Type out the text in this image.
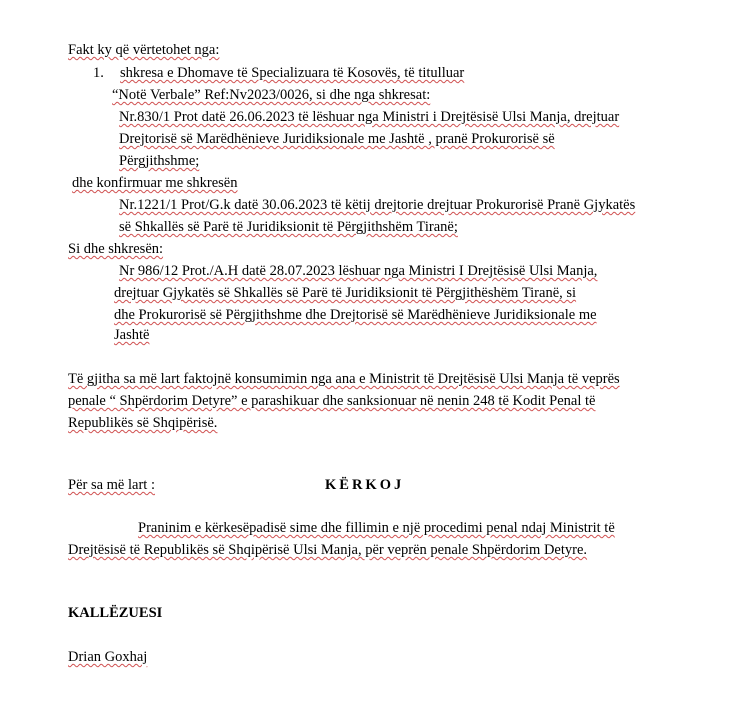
Fakt ky që vërtetohet nga:
1. shkresa e Dhomave të Specializuara të Kosovës, të titulluar
“Notë Verbale” Ref:Nv2023/0026, si dhe nga shkresat:
Nr.830/1 Prot datë 26.06.2023 të lëshuar nga Ministri i Drejtësisë Ulsi Manja, drejtuar
Drejtorisë së Marëdhënieve Juridiksionale me Jashtë , pranë Prokurorisë së
Përgjithshme;
dhe konfirmuar me shkresën
Nr.1221/1 Prot/G.k datë 30.06.2023 të këtij drejtorie drejtuar Prokurorisë Pranë Gjykatës
së Shkallës së Parë të Juridiksionit të Përgjithshëm Tiranë;
Si dhe shkresën:
Nr 986/12 Prot./A.H datë 28.07.2023 lëshuar nga Ministri I Drejtësisë Ulsi Manja,
drejtuar Gjykatës së Shkallës së Parë të Juridiksionit të Përgjithëshëm Tiranë, si
dhe Prokurorisë së Përgjithshme dhe Drejtorisë së Marëdhënieve Juridiksionale me
Jashtë
Të gjitha sa më lart faktojnë konsumimin nga ana e Ministrit të Drejtësisë Ulsi Manja të veprës
penale “ Shpërdorim Detyre” e parashikuar dhe sanksionuar në nenin 248 të Kodit Penal të
Republikës së Shqipërisë.
Për sa më lart :	KËRKOJ
Praninim e kërkesëpadisë sime dhe fillimin e një procedimi penal ndaj Ministrit të
Drejtësisë të Republikës së Shqipërisë Ulsi Manja, për veprën penale Shpërdorim Detyre.
KALLËZUESI
Drian Goxhaj
